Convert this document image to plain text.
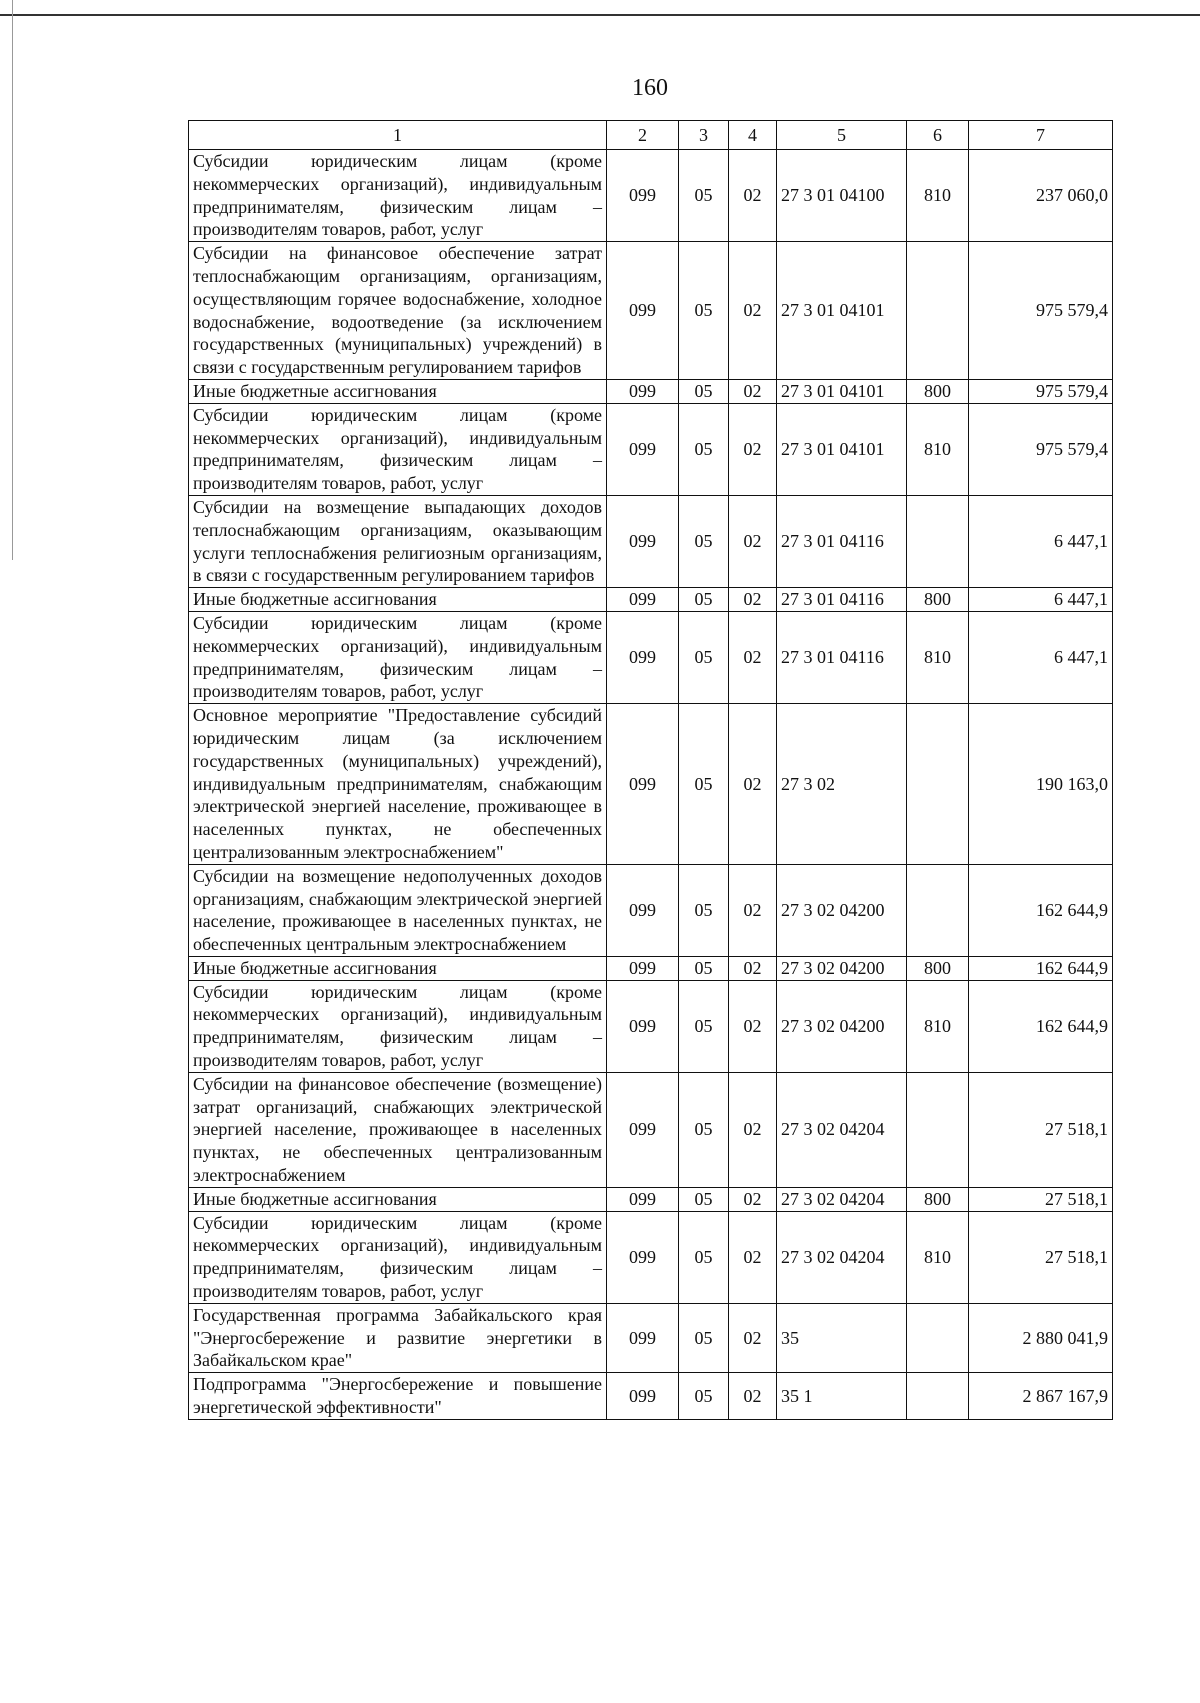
160
1	2	3	4	5	6	7
Субсидии юридическим лицам (кроме некоммерческих организаций), индивидуальным предпринимателям, физическим лицам – производителям товаров, работ, услуг	099	05	02	27 3 01 04100	810	237 060,0
Субсидии на финансовое обеспечение затрат теплоснабжающим организациям, организациям, осуществляющим горячее водоснабжение, холодное водоснабжение, водоотведение (за исключением государственных (муниципальных) учреждений) в связи с государственным регулированием тарифов	099	05	02	27 3 01 04101		975 579,4
Иные бюджетные ассигнования	099	05	02	27 3 01 04101	800	975 579,4
Субсидии юридическим лицам (кроме некоммерческих организаций), индивидуальным предпринимателям, физическим лицам – производителям товаров, работ, услуг	099	05	02	27 3 01 04101	810	975 579,4
Субсидии на возмещение выпадающих доходов теплоснабжающим организациям, оказывающим услуги теплоснабжения религиозным организациям, в связи с государственным регулированием тарифов	099	05	02	27 3 01 04116		6 447,1
Иные бюджетные ассигнования	099	05	02	27 3 01 04116	800	6 447,1
Субсидии юридическим лицам (кроме некоммерческих организаций), индивидуальным предпринимателям, физическим лицам – производителям товаров, работ, услуг	099	05	02	27 3 01 04116	810	6 447,1
Основное мероприятие "Предоставление субсидий юридическим лицам (за исключением государственных (муниципальных) учреждений), индивидуальным предпринимателям, снабжающим электрической энергией население, проживающее в населенных пунктах, не обеспеченных централизованным электроснабжением"	099	05	02	27 3 02		190 163,0
Субсидии на возмещение недополученных доходов организациям, снабжающим электрической энергией население, проживающее в населенных пунктах, не обеспеченных центральным электроснабжением	099	05	02	27 3 02 04200		162 644,9
Иные бюджетные ассигнования	099	05	02	27 3 02 04200	800	162 644,9
Субсидии юридическим лицам (кроме некоммерческих организаций), индивидуальным предпринимателям, физическим лицам – производителям товаров, работ, услуг	099	05	02	27 3 02 04200	810	162 644,9
Субсидии на финансовое обеспечение (возмещение) затрат организаций, снабжающих электрической энергией население, проживающее в населенных пунктах, не обеспеченных централизованным электроснабжением	099	05	02	27 3 02 04204		27 518,1
Иные бюджетные ассигнования	099	05	02	27 3 02 04204	800	27 518,1
Субсидии юридическим лицам (кроме некоммерческих организаций), индивидуальным предпринимателям, физическим лицам – производителям товаров, работ, услуг	099	05	02	27 3 02 04204	810	27 518,1
Государственная программа Забайкальского края "Энергосбережение и развитие энергетики в Забайкальском крае"	099	05	02	35		2 880 041,9
Подпрограмма "Энергосбережение и повышение энергетической эффективности"	099	05	02	35 1		2 867 167,9
